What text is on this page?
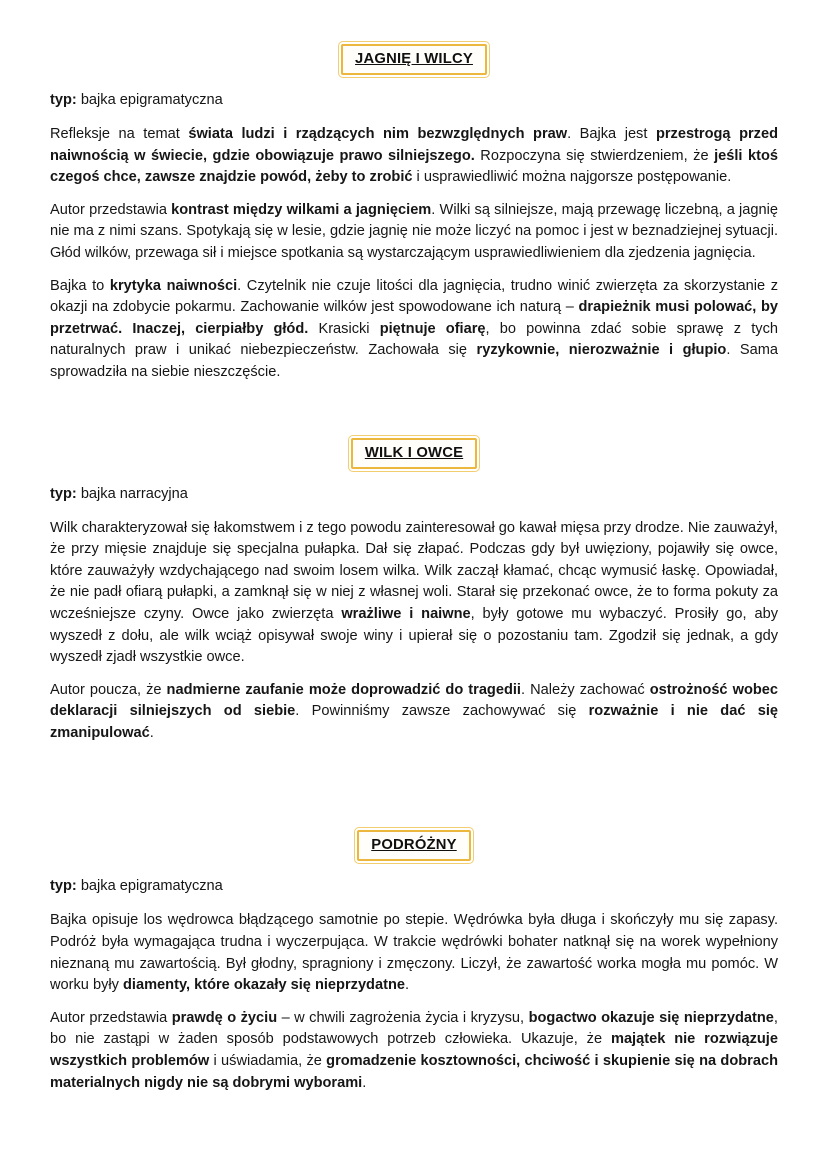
JAGNIĘ I WILCY

typ: bajka epigramatyczna

Refleksje na temat świata ludzi i rządzących nim bezwzględnych praw. Bajka jest przestrogą przed naiwnością w świecie, gdzie obowiązuje prawo silniejszego. Rozpoczyna się stwierdzeniem, że jeśli ktoś czegoś chce, zawsze znajdzie powód, żeby to zrobić i usprawiedliwić można najgorsze postępowanie.

Autor przedstawia kontrast między wilkami a jagnięciem. Wilki są silniejsze, mają przewagę liczebną, a jagnię nie ma z nimi szans. Spotykają się w lesie, gdzie jagnię nie może liczyć na pomoc i jest w beznadziejnej sytuacji. Głód wilków, przewaga sił i miejsce spotkania są wystarczającym usprawiedliwieniem dla zjedzenia jagnięcia.

Bajka to krytyka naiwności. Czytelnik nie czuje litości dla jagnięcia, trudno winić zwierzęta za skorzystanie z okazji na zdobycie pokarmu. Zachowanie wilków jest spowodowane ich naturą – drapieżnik musi polować, by przetrwać. Inaczej, cierpiałby głód. Krasicki piętnuje ofiarę, bo powinna zdać sobie sprawę z tych naturalnych praw i unikać niebezpieczeństw. Zachowała się ryzykownie, nierozważnie i głupio. Sama sprowadziła na siebie nieszczęście.

WILK I OWCE

typ: bajka narracyjna

Wilk charakteryzował się łakomstwem i z tego powodu zainteresował go kawał mięsa przy drodze. Nie zauważył, że przy mięsie znajduje się specjalna pułapka. Dał się złapać. Podczas gdy był uwięziony, pojawiły się owce, które zauważyły wzdychającego nad swoim losem wilka. Wilk zaczął kłamać, chcąc wymusić łaskę. Opowiadał, że nie padł ofiarą pułapki, a zamknął się w niej z własnej woli. Starał się przekonać owce, że to forma pokuty za wcześniejsze czyny. Owce jako zwierzęta wrażliwe i naiwne, były gotowe mu wybaczyć. Prosiły go, aby wyszedł z dołu, ale wilk wciąż opisywał swoje winy i upierał się o pozostaniu tam. Zgodził się jednak, a gdy wyszedł zjadł wszystkie owce.

Autor poucza, że nadmierne zaufanie może doprowadzić do tragedii. Należy zachować ostrożność wobec deklaracji silniejszych od siebie. Powinniśmy zawsze zachowywać się rozważnie i nie dać się zmanipulować.

PODRÓŻNY

typ: bajka epigramatyczna

Bajka opisuje los wędrowca błądzącego samotnie po stepie. Wędrówka była długa i skończyły mu się zapasy. Podróż była wymagająca trudna i wyczerpująca. W trakcie wędrówki bohater natknął się na worek wypełniony nieznaną mu zawartością. Był głodny, spragniony i zmęczony. Liczył, że zawartość worka mogła mu pomóc. W worku były diamenty, które okazały się nieprzydatne.

Autor przedstawia prawdę o życiu – w chwili zagrożenia życia i kryzysu, bogactwo okazuje się nieprzydatne, bo nie zastąpi w żaden sposób podstawowych potrzeb człowieka. Ukazuje, że majątek nie rozwiązuje wszystkich problemów i uświadamia, że gromadzenie kosztowności, chciwość i skupienie się na dobrach materialnych nigdy nie są dobrymi wyborami.
